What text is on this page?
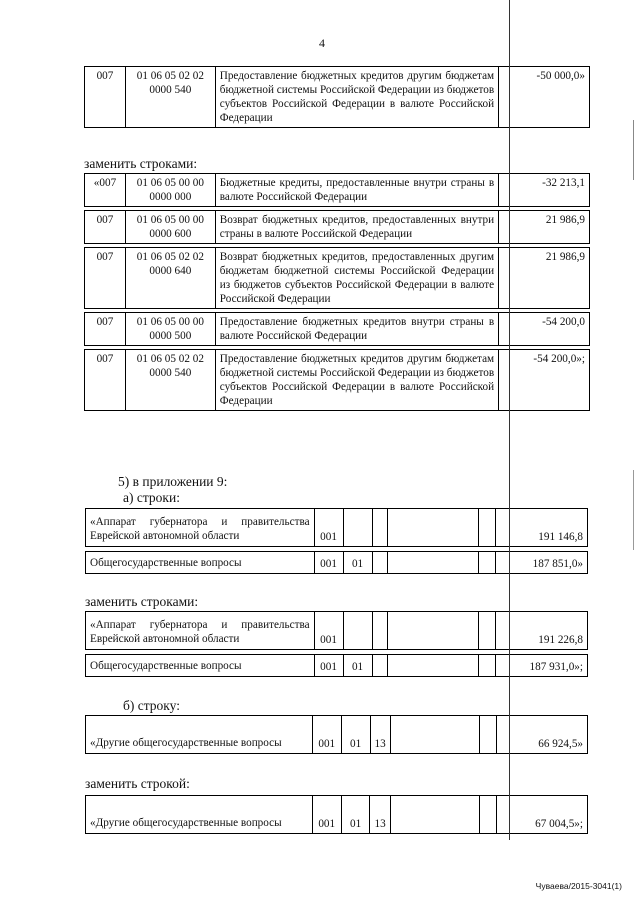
4
007	01 06 05 02 02 0000 540	Предоставление бюджетных кредитов другим бюджетам бюджетной системы Российской Федерации из бюджетов субъектов Российской Федерации в валюте Российской Федерации	-50 000,0»
заменить строками:
«007	01 06 05 00 00 0000 000	Бюджетные кредиты, предоставленные внутри страны в валюте Российской Федерации	-32 213,1

007	01 06 05 00 00 0000 600	Возврат бюджетных кредитов, предоставленных внутри страны в валюте Российской Федерации	21 986,9

007	01 06 05 02 02 0000 640	Возврат бюджетных кредитов, предоставленных другим бюджетам бюджетной системы Российской Федерации из бюджетов субъектов Российской Федерации в валюте Российской Федерации	21 986,9

007	01 06 05 00 00 0000 500	Предоставление бюджетных кредитов внутри страны в валюте Российской Федерации	-54 200,0

007	01 06 05 02 02 0000 540	Предоставление бюджетных кредитов другим бюджетам бюджетной системы Российской Федерации из бюджетов субъектов Российской Федерации в валюте Российской Федерации	-54 200,0»;
5) в приложении 9:
а) строки:
«Аппарат губернатора и правительства Еврейской автономной области	001					191 146,8

Общегосударственные вопросы	001	01				187 851,0»
заменить строками:
«Аппарат губернатора и правительства Еврейской автономной области	001					191 226,8

Общегосударственные вопросы	001	01				187 931,0»;
б) строку:
«Другие общегосударственные вопросы	001	01	13			66 924,5»
заменить строкой:
«Другие общегосударственные вопросы	001	01	13			67 004,5»;
Чуваева/2015-3041(1)
